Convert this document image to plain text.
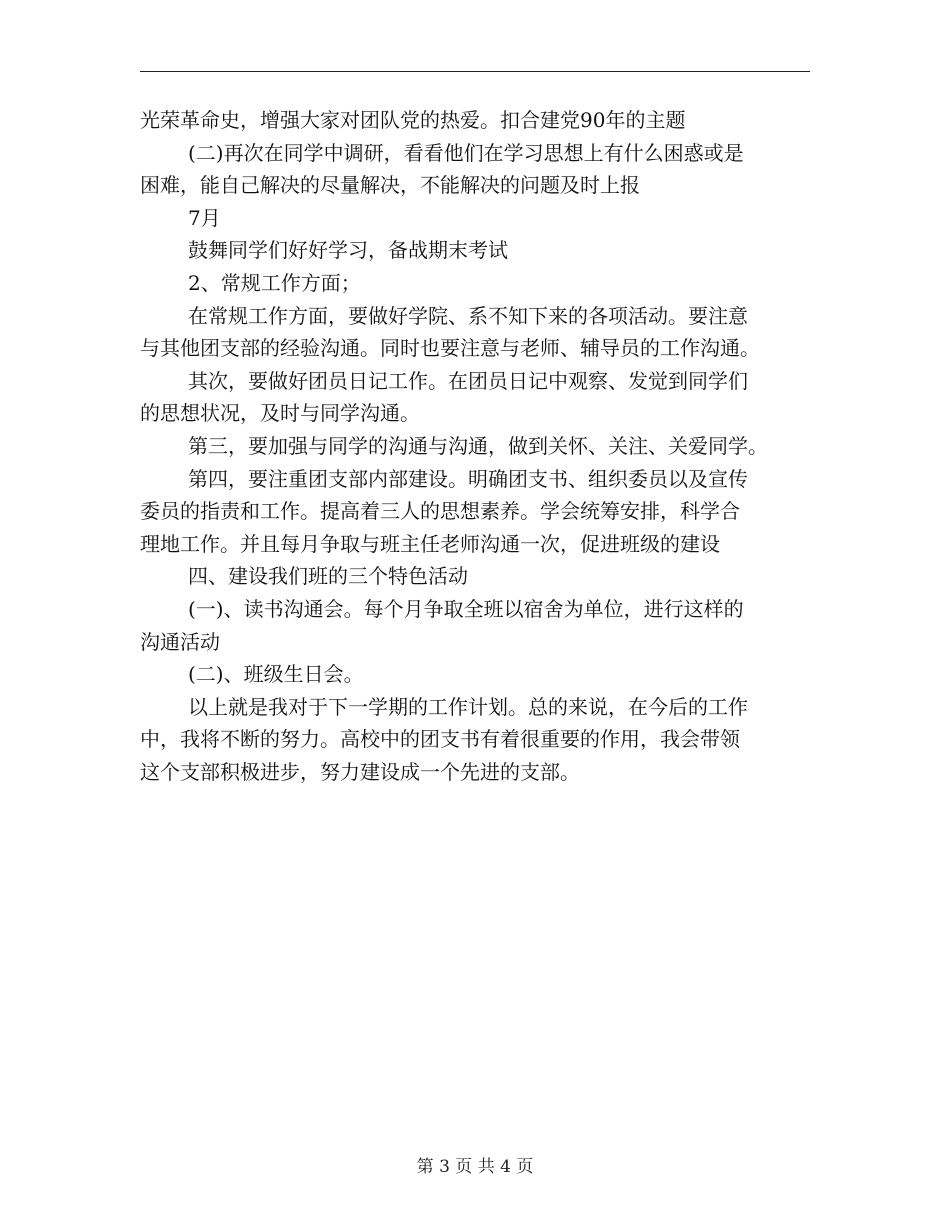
光荣革命史，增强大家对团队党的热爱。扣合建党90年的主题
(二)再次在同学中调研，看看他们在学习思想上有什么困惑或是
困难，能自己解决的尽量解决，不能解决的问题及时上报
7月
鼓舞同学们好好学习，备战期末考试
2、常规工作方面；
在常规工作方面，要做好学院、系不知下来的各项活动。要注意
与其他团支部的经验沟通。同时也要注意与老师、辅导员的工作沟通。
其次，要做好团员日记工作。在团员日记中观察、发觉到同学们
的思想状况，及时与同学沟通。
第三，要加强与同学的沟通与沟通，做到关怀、关注、关爱同学。
第四，要注重团支部内部建设。明确团支书、组织委员以及宣传
委员的指责和工作。提高着三人的思想素养。学会统筹安排，科学合
理地工作。并且每月争取与班主任老师沟通一次，促进班级的建设
四、建设我们班的三个特色活动
(一)、读书沟通会。每个月争取全班以宿舍为单位，进行这样的
沟通活动
(二)、班级生日会。
以上就是我对于下一学期的工作计划。总的来说，在今后的工作
中，我将不断的努力。高校中的团支书有着很重要的作用，我会带领
这个支部积极进步，努力建设成一个先进的支部。
第 3 页 共 4 页
